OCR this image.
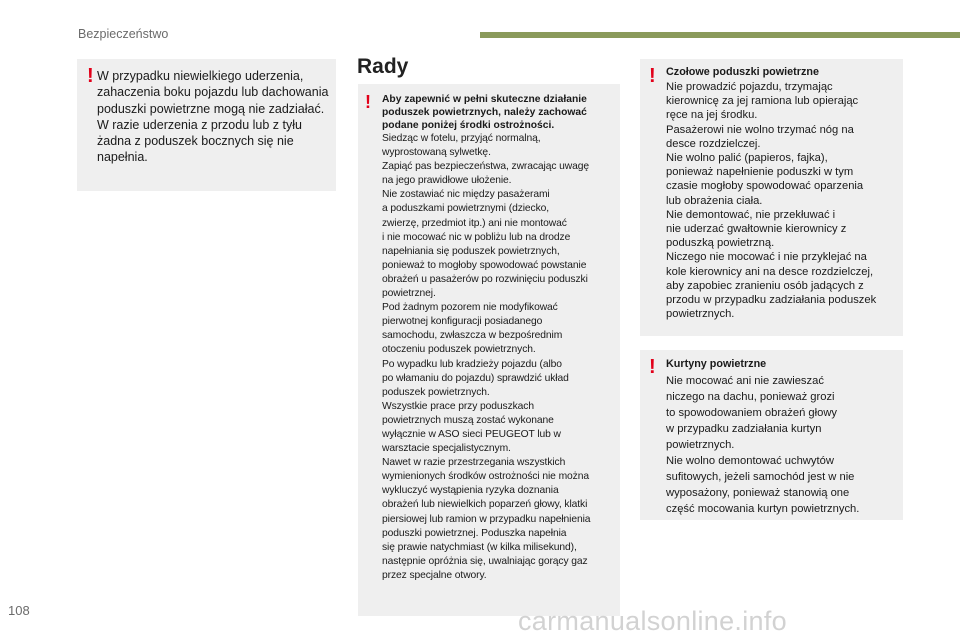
Bezpieczeństwo
! W przypadku niewielkiego uderzenia,
zahaczenia boku pojazdu lub dachowania
poduszki powietrzne mogą nie zadziałać.
W razie uderzenia z przodu lub z tyłu
żadna z poduszek bocznych się nie
napełnia.
Rady
! Aby zapewnić w pełni skuteczne działanie
poduszek powietrznych, należy zachować
podane poniżej środki ostrożności.
Siedząc w fotelu, przyjąć normalną,
wyprostowaną sylwetkę.
Zapiąć pas bezpieczeństwa, zwracając uwagę
na jego prawidłowe ułożenie.
Nie zostawiać nic między pasażerami
a poduszkami powietrznymi (dziecko,
zwierzę, przedmiot itp.) ani nie montować
i nie mocować nic w pobliżu lub na drodze
napełniania się poduszek powietrznych,
ponieważ to mogłoby spowodować powstanie
obrażeń u pasażerów po rozwinięciu poduszki
powietrznej.
Pod żadnym pozorem nie modyfikować
pierwotnej konfiguracji posiadanego
samochodu, zwłaszcza w bezpośrednim
otoczeniu poduszek powietrznych.
Po wypadku lub kradzieży pojazdu (albo
po włamaniu do pojazdu) sprawdzić układ
poduszek powietrznych.
Wszystkie prace przy poduszkach
powietrznych muszą zostać wykonane
wyłącznie w ASO sieci PEUGEOT lub w
warsztacie specjalistycznym.
Nawet w razie przestrzegania wszystkich
wymienionych środków ostrożności nie można
wykluczyć wystąpienia ryzyka doznania
obrażeń lub niewielkich poparzeń głowy, klatki
piersiowej lub ramion w przypadku napełnienia
poduszki powietrznej. Poduszka napełnia
się prawie natychmiast (w kilka milisekund),
następnie opróżnia się, uwalniając gorący gaz
przez specjalne otwory.
! Czołowe poduszki powietrzne
Nie prowadzić pojazdu, trzymając
kierownicę za jej ramiona lub opierając
ręce na jej środku.
Pasażerowi nie wolno trzymać nóg na
desce rozdzielczej.
Nie wolno palić (papieros, fajka),
ponieważ napełnienie poduszki w tym
czasie mogłoby spowodować oparzenia
lub obrażenia ciała.
Nie demontować, nie przekłuwać i
nie uderzać gwałtownie kierownicy z
poduszką powietrzną.
Niczego nie mocować i nie przyklejać na
kole kierownicy ani na desce rozdzielczej,
aby zapobiec zranieniu osób jadących z
przodu w przypadku zadziałania poduszek
powietrznych.
! Kurtyny powietrzne
Nie mocować ani nie zawieszać
niczego na dachu, ponieważ grozi
to spowodowaniem obrażeń głowy
w przypadku zadziałania kurtyn
powietrznych.
Nie wolno demontować uchwytów
sufitowych, jeżeli samochód jest w nie
wyposażony, ponieważ stanowią one
część mocowania kurtyn powietrznych.
108	carmanualsonline.info
